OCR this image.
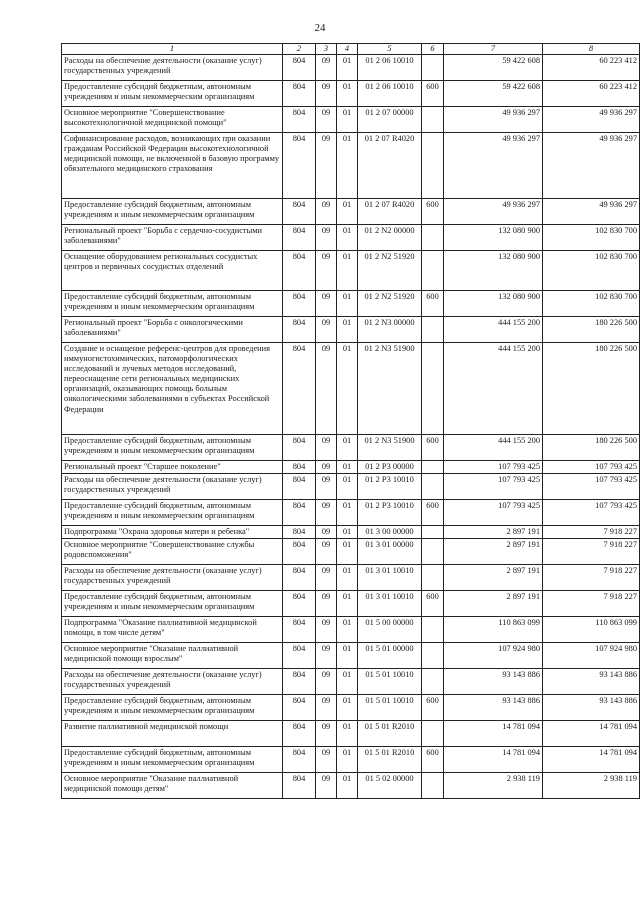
24
1	2	3	4	5	6	7	8
Расходы на обеспечение деятельности (оказание услуг) государственных учреждений	804	09	01	01 2 06 10010		59 422 608	60 223 412
Предоставление субсидий бюджетным, автономным учреждениям и иным некоммерческим организациям	804	09	01	01 2 06 10010	600	59 422 608	60 223 412
Основное мероприятие "Совершенствование высокотехнологичной медицинской помощи"	804	09	01	01 2 07 00000		49 936 297	49 936 297
Софинансирование расходов, возникающих при оказании гражданам Российской Федерации высокотехнологичной медицинской помощи, не включенной в базовую программу обязательного медицинского страхования	804	09	01	01 2 07 R4020		49 936 297	49 936 297
Предоставление субсидий бюджетным, автономным учреждениям и иным некоммерческим организациям	804	09	01	01 2 07 R4020	600	49 936 297	49 936 297
Региональный проект "Борьба с сердечно-сосудистыми заболеваниями"	804	09	01	01 2 N2 00000		132 080 900	102 830 700
Оснащение оборудованием региональных сосудистых центров и первичных сосудистых отделений	804	09	01	01 2 N2 51920		132 080 900	102 830 700
Предоставление субсидий бюджетным, автономным учреждениям и иным некоммерческим организациям	804	09	01	01 2 N2 51920	600	132 080 900	102 830 700
Региональный проект "Борьба с онкологическими заболеваниями"	804	09	01	01 2 N3 00000		444 155 200	180 226 500
Создание и оснащение референс-центров для проведения иммуногистохимических, патоморфологических исследований и лучевых методов исследований, переоснащение сети региональных медицинских организаций, оказывающих помощь больным онкологическими заболеваниями в субъектах Российской Федерации	804	09	01	01 2 N3 51900		444 155 200	180 226 500
Предоставление субсидий бюджетным, автономным учреждениям и иным некоммерческим организациям	804	09	01	01 2 N3 51900	600	444 155 200	180 226 500
Региональный проект "Старшее поколение"	804	09	01	01 2 P3 00000		107 793 425	107 793 425
Расходы на обеспечение деятельности (оказание услуг) государственных учреждений	804	09	01	01 2 P3 10010		107 793 425	107 793 425
Предоставление субсидий бюджетным, автономным учреждениям и иным некоммерческим организациям	804	09	01	01 2 P3 10010	600	107 793 425	107 793 425
Подпрограмма "Охрана здоровья матери и ребенка"	804	09	01	01 3 00 00000		2 897 191	7 918 227
Основное мероприятие "Совершенствование службы родовспоможения"	804	09	01	01 3 01 00000		2 897 191	7 918 227
Расходы на обеспечение деятельности (оказание услуг) государственных учреждений	804	09	01	01 3 01 10010		2 897 191	7 918 227
Предоставление субсидий бюджетным, автономным учреждениям и иным некоммерческим организациям	804	09	01	01 3 01 10010	600	2 897 191	7 918 227
Подпрограмма "Оказание паллиативной медицинской помощи, в том числе детям"	804	09	01	01 5 00 00000		110 863 099	110 863 099
Основное мероприятие "Оказание паллиативной медицинской помощи взрослым"	804	09	01	01 5 01 00000		107 924 980	107 924 980
Расходы на обеспечение деятельности (оказание услуг) государственных учреждений	804	09	01	01 5 01 10010		93 143 886	93 143 886
Предоставление субсидий бюджетным, автономным учреждениям и иным некоммерческим организациям	804	09	01	01 5 01 10010	600	93 143 886	93 143 886
Развитие паллиативной медицинской помощи	804	09	01	01 5 01 R2010		14 781 094	14 781 094
Предоставление субсидий бюджетным, автономным учреждениям и иным некоммерческим организациям	804	09	01	01 5 01 R2010	600	14 781 094	14 781 094
Основное мероприятие "Оказание паллиативной медицинской помощи детям"	804	09	01	01 5 02 00000		2 938 119	2 938 119
